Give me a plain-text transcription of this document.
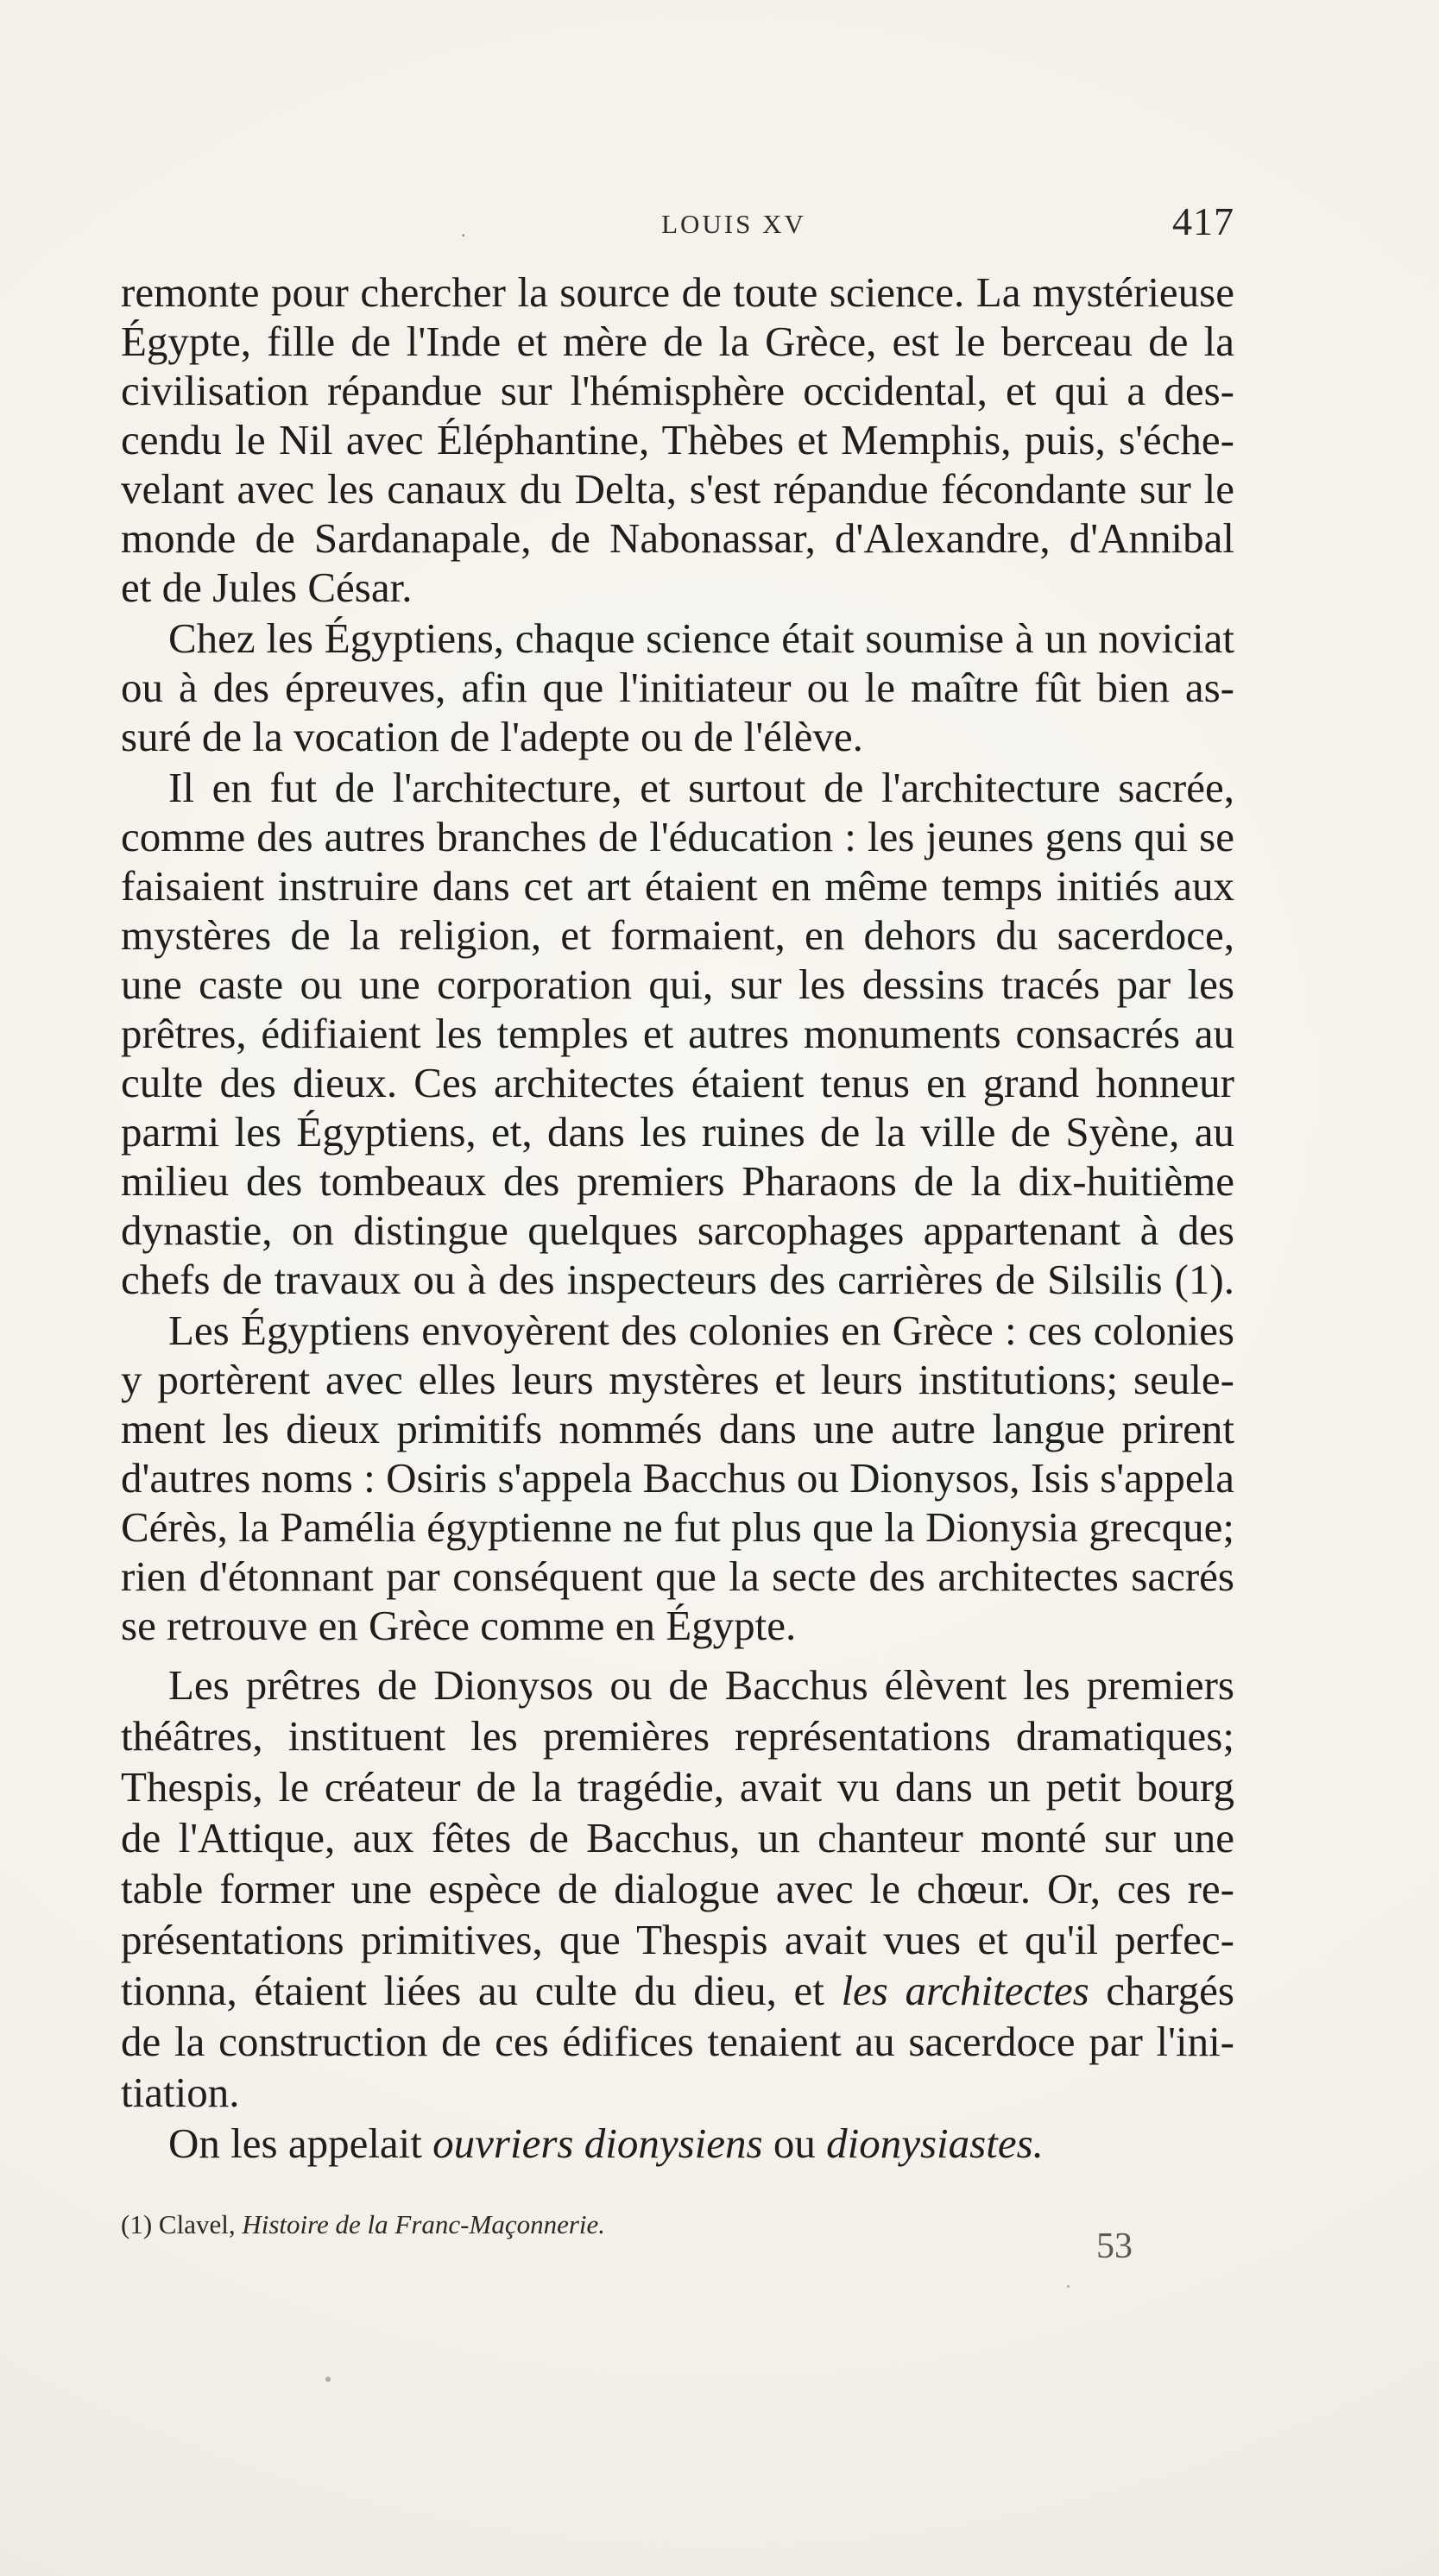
.	LOUIS XV	417
remonte pour chercher la source de toute science. La mystérieuse
Égypte, fille de l'Inde et mère de la Grèce, est le berceau de la
civilisation répandue sur l'hémisphère occidental, et qui a des-
cendu le Nil avec Éléphantine, Thèbes et Memphis, puis, s'éche-
velant avec les canaux du Delta, s'est répandue fécondante sur le
monde de Sardanapale, de Nabonassar, d'Alexandre, d'Annibal
et de Jules César.
Chez les Égyptiens, chaque science était soumise à un noviciat
ou à des épreuves, afin que l'initiateur ou le maître fût bien as-
suré de la vocation de l'adepte ou de l'élève.
Il en fut de l'architecture, et surtout de l'architecture sacrée,
comme des autres branches de l'éducation : les jeunes gens qui se
faisaient instruire dans cet art étaient en même temps initiés aux
mystères de la religion, et formaient, en dehors du sacerdoce,
une caste ou une corporation qui, sur les dessins tracés par les
prêtres, édifiaient les temples et autres monuments consacrés au
culte des dieux. Ces architectes étaient tenus en grand honneur
parmi les Égyptiens, et, dans les ruines de la ville de Syène, au
milieu des tombeaux des premiers Pharaons de la dix-huitième
dynastie, on distingue quelques sarcophages appartenant à des
chefs de travaux ou à des inspecteurs des carrières de Silsilis (1).
Les Égyptiens envoyèrent des colonies en Grèce : ces colonies
y portèrent avec elles leurs mystères et leurs institutions; seule-
ment les dieux primitifs nommés dans une autre langue prirent
d'autres noms : Osiris s'appela Bacchus ou Dionysos, Isis s'appela
Cérès, la Pamélia égyptienne ne fut plus que la Dionysia grecque;
rien d'étonnant par conséquent que la secte des architectes sacrés
se retrouve en Grèce comme en Égypte.
Les prêtres de Dionysos ou de Bacchus élèvent les premiers
théâtres, instituent les premières représentations dramatiques;
Thespis, le créateur de la tragédie, avait vu dans un petit bourg
de l'Attique, aux fêtes de Bacchus, un chanteur monté sur une
table former une espèce de dialogue avec le chœur. Or, ces re-
présentations primitives, que Thespis avait vues et qu'il perfec-
tionna, étaient liées au culte du dieu, et les architectes chargés
de la construction de ces édifices tenaient au sacerdoce par l'ini-
tiation.
On les appelait ouvriers dionysiens ou dionysiastes.
(1) Clavel, Histoire de la Franc-Maçonnerie.
53
